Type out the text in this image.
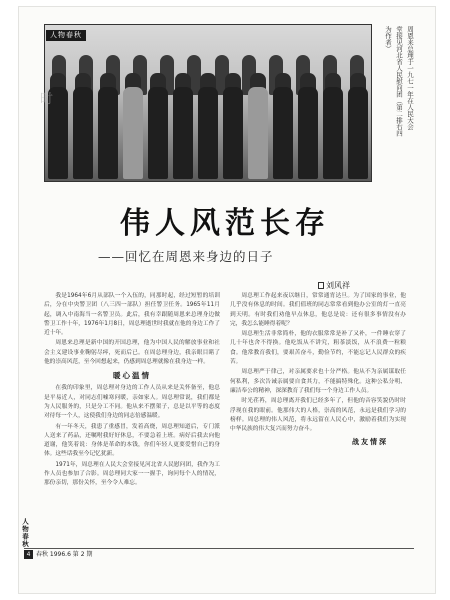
人物春秋
时	周恩来总理于一九七一年在人民大会
堂接见河北省人民慰问团（第二排右四
为作者）
伟人风范长存
——回忆在周恩来身边的日子
刘风祥

我是1964年6月从部队一个入伍的，同那时起，经过短暂的培训后，分在中央警卫团（八三四一部队）担任警卫任务。1965年11月起，调入中南海当一名警卫员。此后，我有幸跟随周恩来总理身边做警卫工作十年，1976年1月8日，周总理逝世时我就在他的身边工作了近十年。

周恩来总理是新中国的开国总理，他为中国人民的解放事业和社会主义建设事业鞠躬尽瘁，死而后已。在周总理身边，我亲眼目睹了他的崇高风范，至今回想起来，仍感到周总理就像在我身边一样。

暖心温情

在我的印象里，周总理对身边的工作人员从来是关怀备至，他总是平易近人，对同志们嘘寒问暖，亲如家人。周总理常说，我们都是为人民服务的，只是分工不同。他从来不摆架子，总是以平等的态度对待每一个人，这使我们身边的同志倍感温暖。

有一年冬天，我患了重感冒，发着高烧，周总理知道后，专门派人送来了药品，还嘱咐我好好休息，不要急着上班。病好后我去向他道谢，他笑着说：身体是革命的本钱，你们年轻人更要爱惜自己的身体。这些话我至今记忆犹新。

1971年，周总理在人民大会堂接见河北省人民慰问团，我作为工作人员也参加了合影。周总理同大家一一握手，询问每个人的情况，那份亲切，那份关怀，至今令人难忘。

周总理工作起来夜以继日，常常通宵达旦。为了国家的事业，他几乎没有休息的时间。我们值班的同志常常看到他办公室的灯一直亮到天明。有时我们劝他早点休息，他总是说：还有很多事情没有办完，我怎么能睡得着呢？

周总理生活非常简朴，他的衣服常常是补了又补，一件睡衣穿了几十年也舍不得换。他吃饭从不讲究，粗茶淡饭，从不浪费一粒粮食。他常教育我们，要艰苦奋斗，勤俭节约，不能忘记人民群众的疾苦。

周总理严于律己，对亲属要求也十分严格。他从不为亲属谋取任何私利，多次告诫亲属要自食其力，不能搞特殊化。这种公私分明、廉洁奉公的精神，深深教育了我们每一个身边工作人员。

时光荏苒，周总理离开我们已经多年了，但他的音容笑貌仍时时浮现在我的眼前。他那伟大的人格，崇高的风范，永远是我们学习的榜样。周总理的伟人风范，将永远留在人民心中，激励着我们为实现中华民族的伟大复兴而努力奋斗。

战友情深
人物春秋
4 春秋 1996.6 第 2 期
